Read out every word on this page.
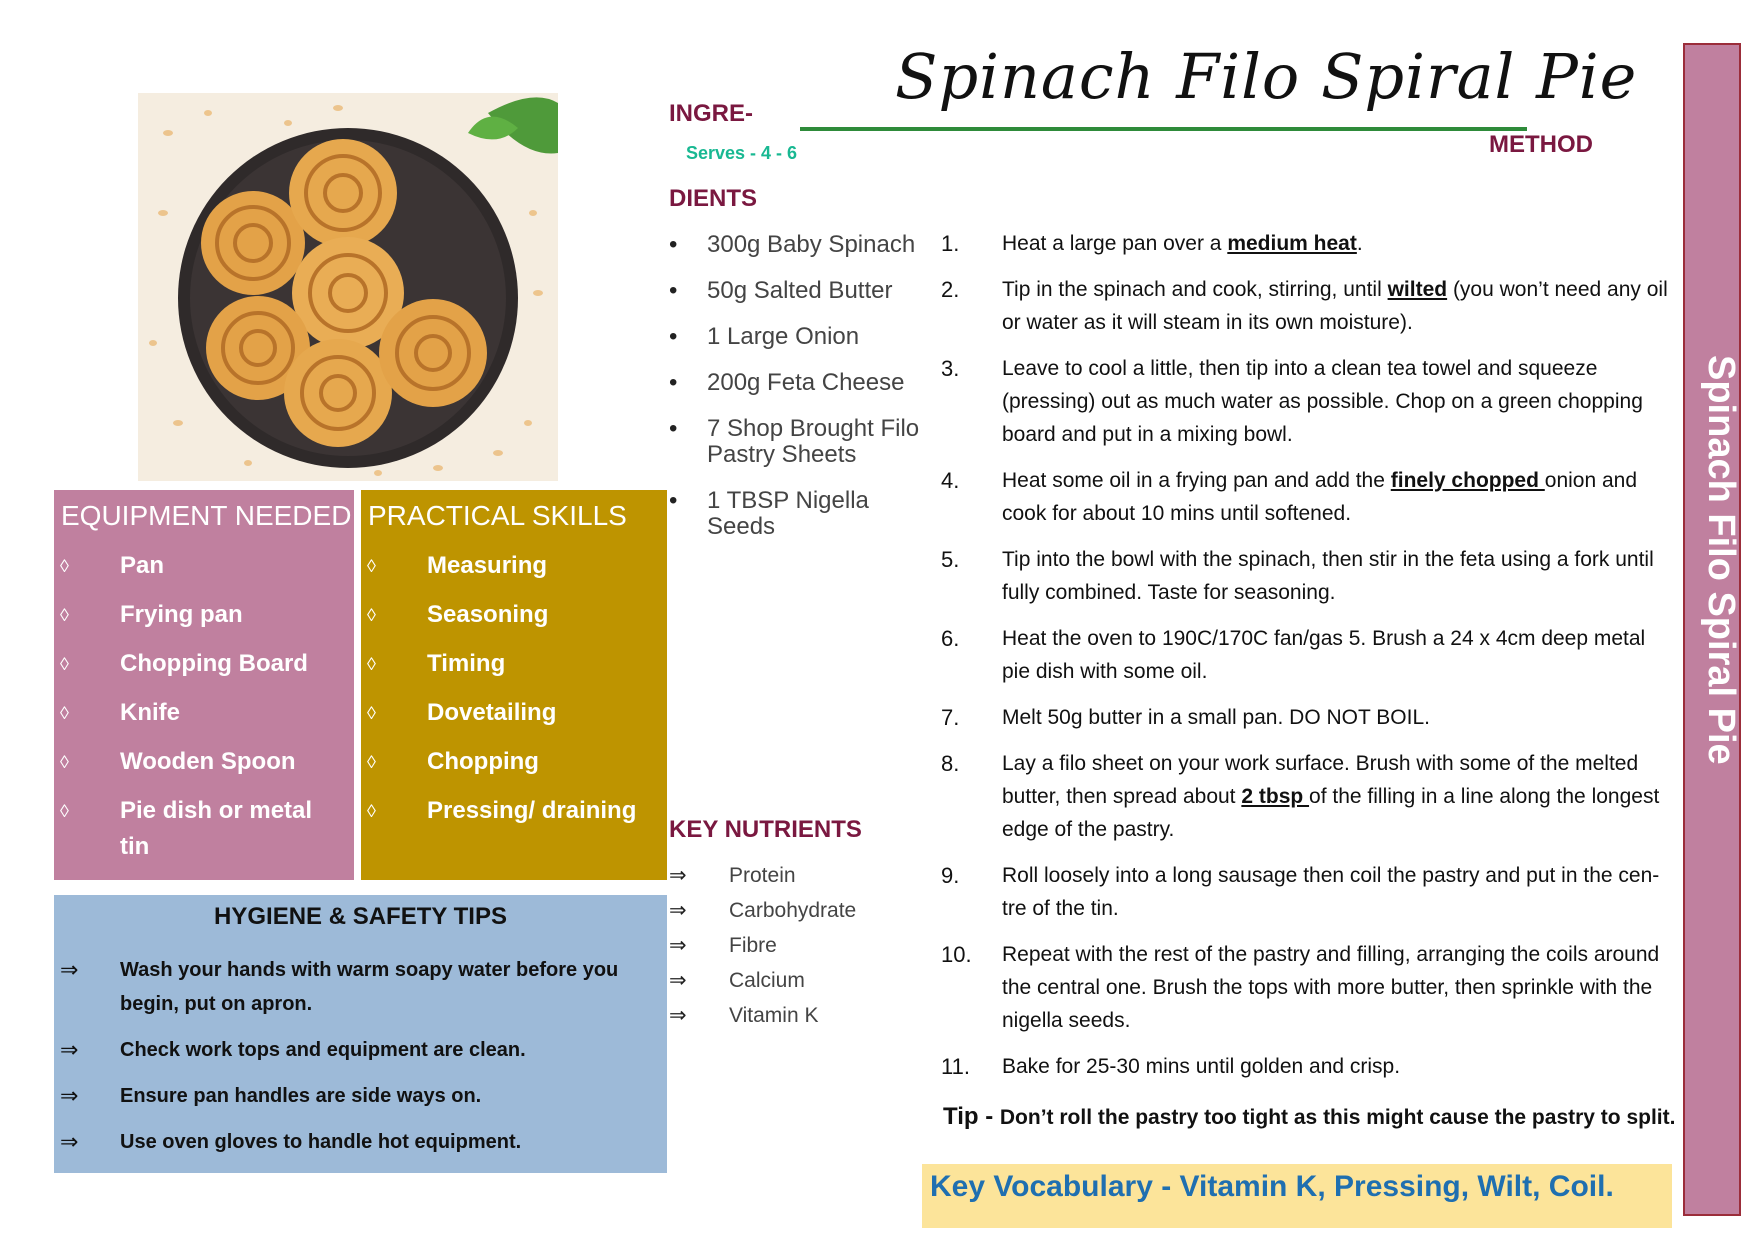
Spinach Filo Spiral Pie
INGRE-
Serves - 4 - 6
DIENTS
METHOD
• 300g Baby Spinach
• 50g Salted Butter
• 1 Large Onion
• 200g Feta Cheese
• 7 Shop Brought Filo Pastry Sheets
• 1 TBSP Nigella Seeds
EQUIPMENT NEEDED
◊ Pan
◊ Frying pan
◊ Chopping Board
◊ Knife
◊ Wooden Spoon
◊ Pie dish or metal tin
PRACTICAL SKILLS
◊ Measuring
◊ Seasoning
◊ Timing
◊ Dovetailing
◊ Chopping
◊ Pressing/ draining
HYGIENE & SAFETY TIPS
⇒ Wash your hands with warm soapy water before you begin, put on apron.
⇒ Check work tops and equipment are clean.
⇒ Ensure pan handles are side ways on.
⇒ Use oven gloves to handle hot equipment.
KEY NUTRIENTS
⇒ Protein
⇒ Carbohydrate
⇒ Fibre
⇒ Calcium
⇒ Vitamin K
1. Heat a large pan over a medium heat.
2. Tip in the spinach and cook, stirring, until wilted (you won’t need any oil or water as it will steam in its own moisture).
3. Leave to cool a little, then tip into a clean tea towel and squeeze (pressing) out as much water as possible. Chop on a green chopping board and put in a mixing bowl.
4. Heat some oil in a frying pan and add the finely chopped onion and cook for about 10 mins until softened.
5. Tip into the bowl with the spinach, then stir in the feta using a fork until fully combined. Taste for seasoning.
6. Heat the oven to 190C/170C fan/gas 5. Brush a 24 x 4cm deep metal pie dish with some oil.
7. Melt 50g butter in a small pan. DO NOT BOIL.
8. Lay a filo sheet on your work surface. Brush with some of the melted butter, then spread about 2 tbsp of the filling in a line along the longest edge of the pastry.
9. Roll loosely into a long sausage then coil the pastry and put in the cen-tre of the tin.
10. Repeat with the rest of the pastry and filling, arranging the coils around the central one. Brush the tops with more butter, then sprinkle with the nigella seeds.
11. Bake for 25-30 mins until golden and crisp.
Tip - Don’t roll the pastry too tight as this might cause the pastry to split.
Key Vocabulary - Vitamin K, Pressing, Wilt, Coil.
Spinach Filo Spiral Pie
